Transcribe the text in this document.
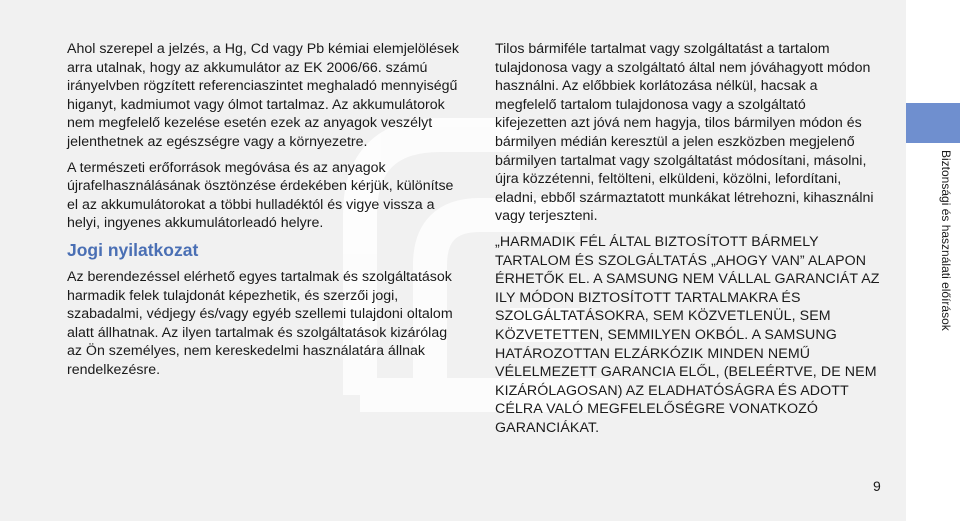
Ahol szerepel a jelzés, a Hg, Cd vagy Pb kémiai elemjelölések arra utalnak, hogy az akkumulátor az EK 2006/66. számú irányelvben rögzített referenciaszintet meghaladó mennyiségű higanyt, kadmiumot vagy ólmot tartalmaz. Az akkumulátorok nem megfelelő kezelése esetén ezek az anyagok veszélyt jelenthetnek az egészségre vagy a környezetre.

A természeti erőforrások megóvása és az anyagok újrafelhasználásának ösztönzése érdekében kérjük, különítse el az akkumulátorokat a többi hulladéktól és vigye vissza a helyi, ingyenes akkumulátorleadó helyre.

Jogi nyilatkozat

Az berendezéssel elérhető egyes tartalmak és szolgáltatások harmadik felek tulajdonát képezhetik, és szerzői jogi, szabadalmi, védjegy és/vagy egyéb szellemi tulajdoni oltalom alatt állhatnak. Az ilyen tartalmak és szolgáltatások kizárólag az Ön személyes, nem kereskedelmi használatára állnak rendelkezésre.

Tilos bármiféle tartalmat vagy szolgáltatást a tartalom tulajdonosa vagy a szolgáltató által nem jóváhagyott módon használni. Az előbbiek korlátozása nélkül, hacsak a megfelelő tartalom tulajdonosa vagy a szolgáltató kifejezetten azt jóvá nem hagyja, tilos bármilyen módon és bármilyen médián keresztül a jelen eszközben megjelenő bármilyen tartalmat vagy szolgáltatást módosítani, másolni, újra közzétenni, feltölteni, elküldeni, közölni, lefordítani, eladni, ebből származtatott munkákat létrehozni, kihasználni vagy terjeszteni.

„HARMADIK FÉL ÁLTAL BIZTOSÍTOTT BÁRMELY TARTALOM ÉS SZOLGÁLTATÁS „AHOGY VAN” ALAPON ÉRHETŐK EL. A SAMSUNG NEM VÁLLAL GARANCIÁT AZ ILY MÓDON BIZTOSÍTOTT TARTALMAKRA ÉS SZOLGÁLTATÁSOKRA, SEM KÖZVETLENÜL, SEM KÖZVETETTEN, SEMMILYEN OKBÓL. A SAMSUNG HATÁROZOTTAN ELZÁRKÓZIK MINDEN NEMŰ VÉLELMEZETT GARANCIA ELŐL, (BELEÉRTVE, DE NEM KIZÁRÓLAGOSAN) AZ ELADHATÓSÁGRA ÉS ADOTT CÉLRA VALÓ MEGFELELŐSÉGRE VONATKOZÓ GARANCIÁKAT.

9
Biztonsági és használati előírások
